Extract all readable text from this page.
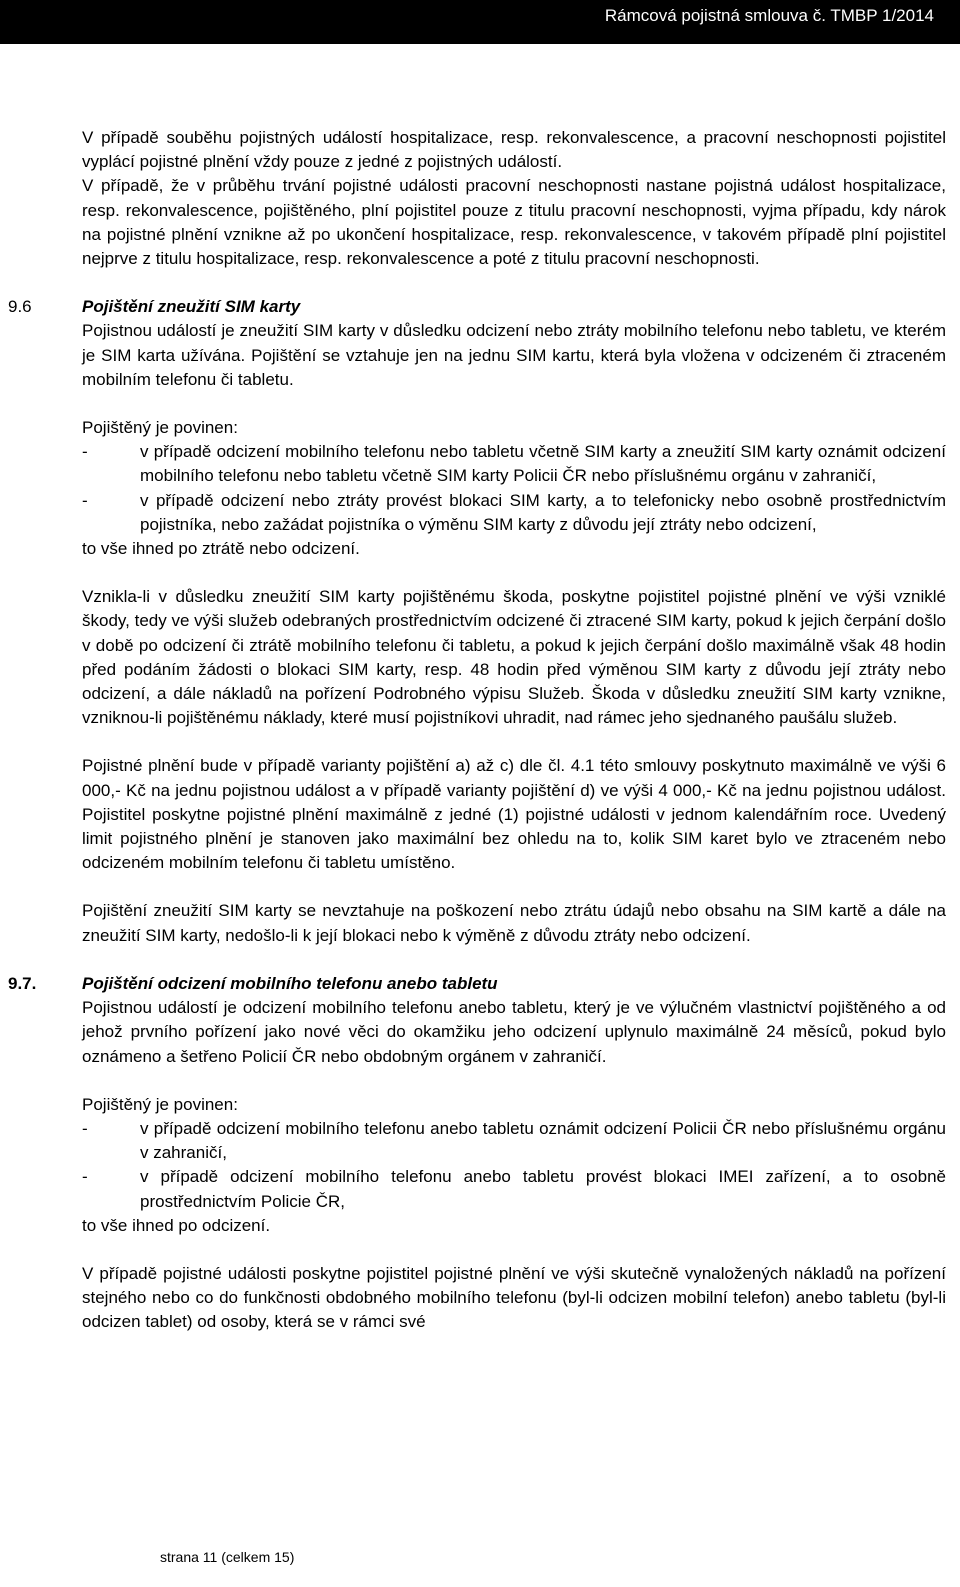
Rámcová pojistná smlouva č. TMBP 1/2014

V případě souběhu pojistných událostí hospitalizace, resp. rekonvalescence, a pracovní neschopnosti pojistitel vyplácí pojistné plnění vždy pouze z jedné z pojistných událostí.

V případě, že v průběhu trvání pojistné události pracovní neschopnosti nastane pojistná událost hospitalizace, resp. rekonvalescence, pojištěného, plní pojistitel pouze z titulu pracovní neschopnosti, vyjma případu, kdy nárok na pojistné plnění vznikne až po ukončení hospitalizace, resp. rekonvalescence, v takovém případě plní pojistitel nejprve z titulu hospitalizace, resp. rekonvalescence a poté z titulu pracovní neschopnosti.

9.6	Pojištění zneužití SIM karty

Pojistnou událostí je zneužití SIM karty v důsledku odcizení nebo ztráty mobilního telefonu nebo tabletu, ve kterém je SIM karta užívána. Pojištění se vztahuje jen na jednu SIM kartu, která byla vložena v odcizeném či ztraceném mobilním telefonu či tabletu.

Pojištěný je povinen:

-	v případě odcizení mobilního telefonu nebo tabletu včetně SIM karty a zneužití SIM karty oznámit odcizení mobilního telefonu nebo tabletu včetně SIM karty Policii ČR nebo příslušnému orgánu v zahraničí,
-	v případě odcizení nebo ztráty provést blokaci SIM karty, a to telefonicky nebo osobně prostřednictvím pojistníka, nebo zažádat pojistníka o výměnu SIM karty z důvodu její ztráty nebo odcizení,

to vše ihned po ztrátě nebo odcizení.

Vznikla-li v důsledku zneužití SIM karty pojištěnému škoda, poskytne pojistitel pojistné plnění ve výši vzniklé škody, tedy ve výši služeb odebraných prostřednictvím odcizené či ztracené SIM karty, pokud k jejich čerpání došlo v době po odcizení či ztrátě mobilního telefonu či tabletu, a pokud k jejich čerpání došlo maximálně však 48 hodin před podáním žádosti o blokaci SIM karty, resp. 48 hodin před výměnou SIM karty z důvodu její ztráty nebo odcizení, a dále nákladů na pořízení Podrobného výpisu Služeb. Škoda v důsledku zneužití SIM karty vznikne, vzniknou-li pojištěnému náklady, které musí pojistníkovi uhradit, nad rámec jeho sjednaného paušálu služeb.

Pojistné plnění bude v případě varianty pojištění a) až c) dle čl. 4.1 této smlouvy poskytnuto maximálně ve výši 6 000,- Kč na jednu pojistnou událost a v případě varianty pojištění d) ve výši 4 000,- Kč na jednu pojistnou událost. Pojistitel poskytne pojistné plnění maximálně z jedné (1) pojistné události v jednom kalendářním roce. Uvedený limit pojistného plnění je stanoven jako maximální bez ohledu na to, kolik SIM karet bylo ve ztraceném nebo odcizeném mobilním telefonu či tabletu umístěno.

Pojištění zneužití SIM karty se nevztahuje na poškození nebo ztrátu údajů nebo obsahu na SIM kartě a dále na zneužití SIM karty, nedošlo-li k její blokaci nebo k výměně z důvodu ztráty nebo odcizení.

9.7.	Pojištění odcizení mobilního telefonu anebo tabletu

Pojistnou událostí je odcizení mobilního telefonu anebo tabletu, který je ve výlučném vlastnictví pojištěného a od jehož prvního pořízení jako nové věci do okamžiku jeho odcizení uplynulo maximálně 24 měsíců, pokud bylo oznámeno a šetřeno Policií ČR nebo obdobným orgánem v zahraničí.

Pojištěný je povinen:

-	v případě odcizení mobilního telefonu anebo tabletu oznámit odcizení Policii ČR nebo příslušnému orgánu v zahraničí,
-	v případě odcizení mobilního telefonu anebo tabletu provést blokaci IMEI zařízení, a to osobně prostřednictvím Policie ČR,

to vše ihned po odcizení.

V případě pojistné události poskytne pojistitel pojistné plnění ve výši skutečně vynaložených nákladů na pořízení stejného nebo co do funkčnosti obdobného mobilního telefonu (byl-li odcizen mobilní telefon) anebo tabletu (byl-li odcizen tablet) od osoby, která se v rámci své

strana 11 (celkem 15)
